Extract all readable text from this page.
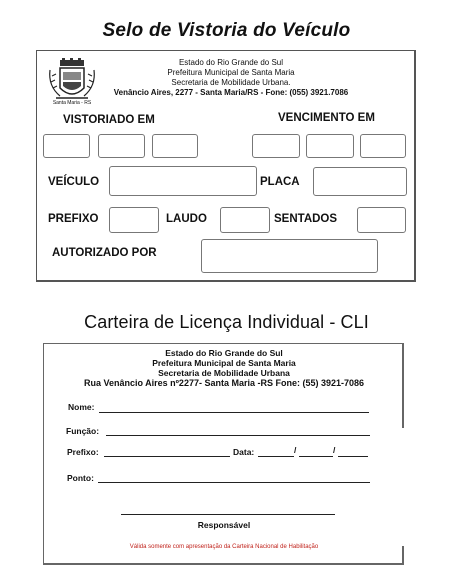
Selo de Vistoria do Veículo
Santa Maria - RS
Estado do Rio Grande do Sul
Prefeitura Municipal de Santa Maria
Secretaria de Mobilidade Urbana.
Venâncio Aires, 2277 - Santa Maria/RS - Fone: (055) 3921.7086
VISTORIADO EM	VENCIMENTO EM
VEÍCULO	PLACA
PREFIXO	LAUDO	SENTADOS
AUTORIZADO POR
Carteira de Licença Individual - CLI
Estado do Rio Grande do Sul
Prefeitura Municipal de Santa Maria
Secretaria de Mobilidade Urbana
Rua Venâncio Aires nº2277- Santa Maria -RS Fone: (55) 3921-7086
Nome:
Função:
Prefixo:	Data:	/	/
Ponto:
Responsável
Válida somente com apresentação da Carteira Nacional de Habilitação
